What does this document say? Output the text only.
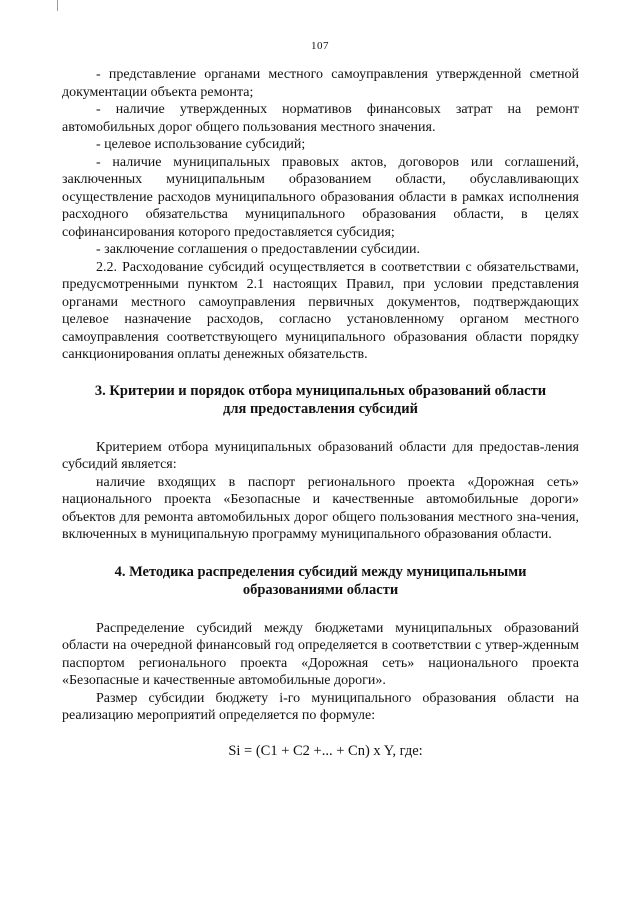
107

- представление органами местного самоуправления утвержденной сметной документации объекта ремонта;

- наличие утвержденных нормативов финансовых затрат на ремонт автомобильных дорог общего пользования местного значения.

- целевое использование субсидий;

- наличие муниципальных правовых актов, договоров или соглашений, заключенных муниципальным образованием области, обуславливающих осуществление расходов муниципального образования области в рамках исполнения расходного обязательства муниципального образования области, в целях софинансирования которого предоставляется субсидия;

- заключение соглашения о предоставлении субсидии.

2.2. Расходование субсидий осуществляется в соответствии с обязательствами, предусмотренными пунктом 2.1 настоящих Правил, при условии представления органами местного самоуправления первичных документов, подтверждающих целевое назначение расходов, согласно установленному органом местного самоуправления соответствующего муниципального образования области порядку санкционирования оплаты денежных обязательств.

3. Критерии и порядок отбора муниципальных образований области
для предоставления субсидий

Критерием отбора муниципальных образований области для предостав-ления субсидий является:

наличие входящих в паспорт регионального проекта «Дорожная сеть» национального проекта «Безопасные и качественные автомобильные дороги» объектов для ремонта автомобильных дорог общего пользования местного зна-чения, включенных в муниципальную программу муниципального образования области.

4. Методика распределения субсидий между муниципальными
образованиями области

Распределение субсидий между бюджетами муниципальных образований области на очередной финансовый год определяется в соответствии с утвер-жденным паспортом регионального проекта «Дорожная сеть» национального проекта «Безопасные и качественные автомобильные дороги».

Размер субсидии бюджету i-го муниципального образования области на реализацию мероприятий определяется по формуле:

Si = (C1 + C2 +... + Cn) x Y, где:
